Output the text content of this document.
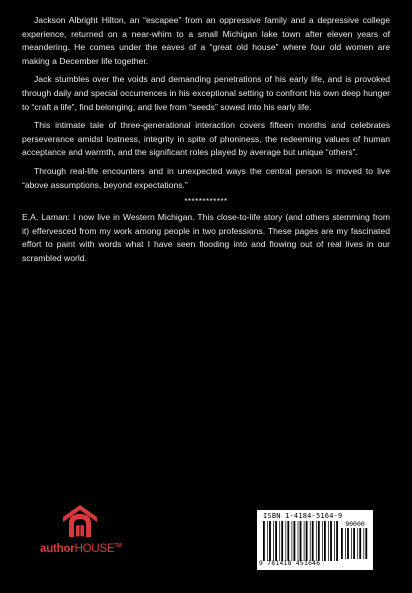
Jackson Albright Hilton, an “escapee” from an oppressive family and a depressive college experience, returned on a near-whim to a small Michigan lake town after eleven years of meandering. He comes under the eaves of a “great old house” where four old women are making a December life together.

Jack stumbles over the voids and demanding penetrations of his early life, and is provoked through daily and special occurrences in his exceptional setting to confront his own deep hunger to “craft a life”, find belonging, and live from “seeds” sowed into his early life.

This intimate tale of three-generational interaction covers fifteen months and celebrates perseverance amidst lostness, integrity in spite of phoniness, the redeeming values of human acceptance and warmth, and the significant roles played by average but unique “others”.

Through real-life encounters and in unexpected ways the central person is moved to live “above assumptions, beyond expectations.”

************

E.A. Laman: I now live in Western Michigan. This close-to-life story (and others stemming from it) effervesced from my work among people in two professions. These pages are my fascinated effort to paint with words what I have seen flooding into and flowing out of real lives in our scrambled world.

authorHOUSE™
ISBN 1-4184-5164-9
90000
9 781418 451646
